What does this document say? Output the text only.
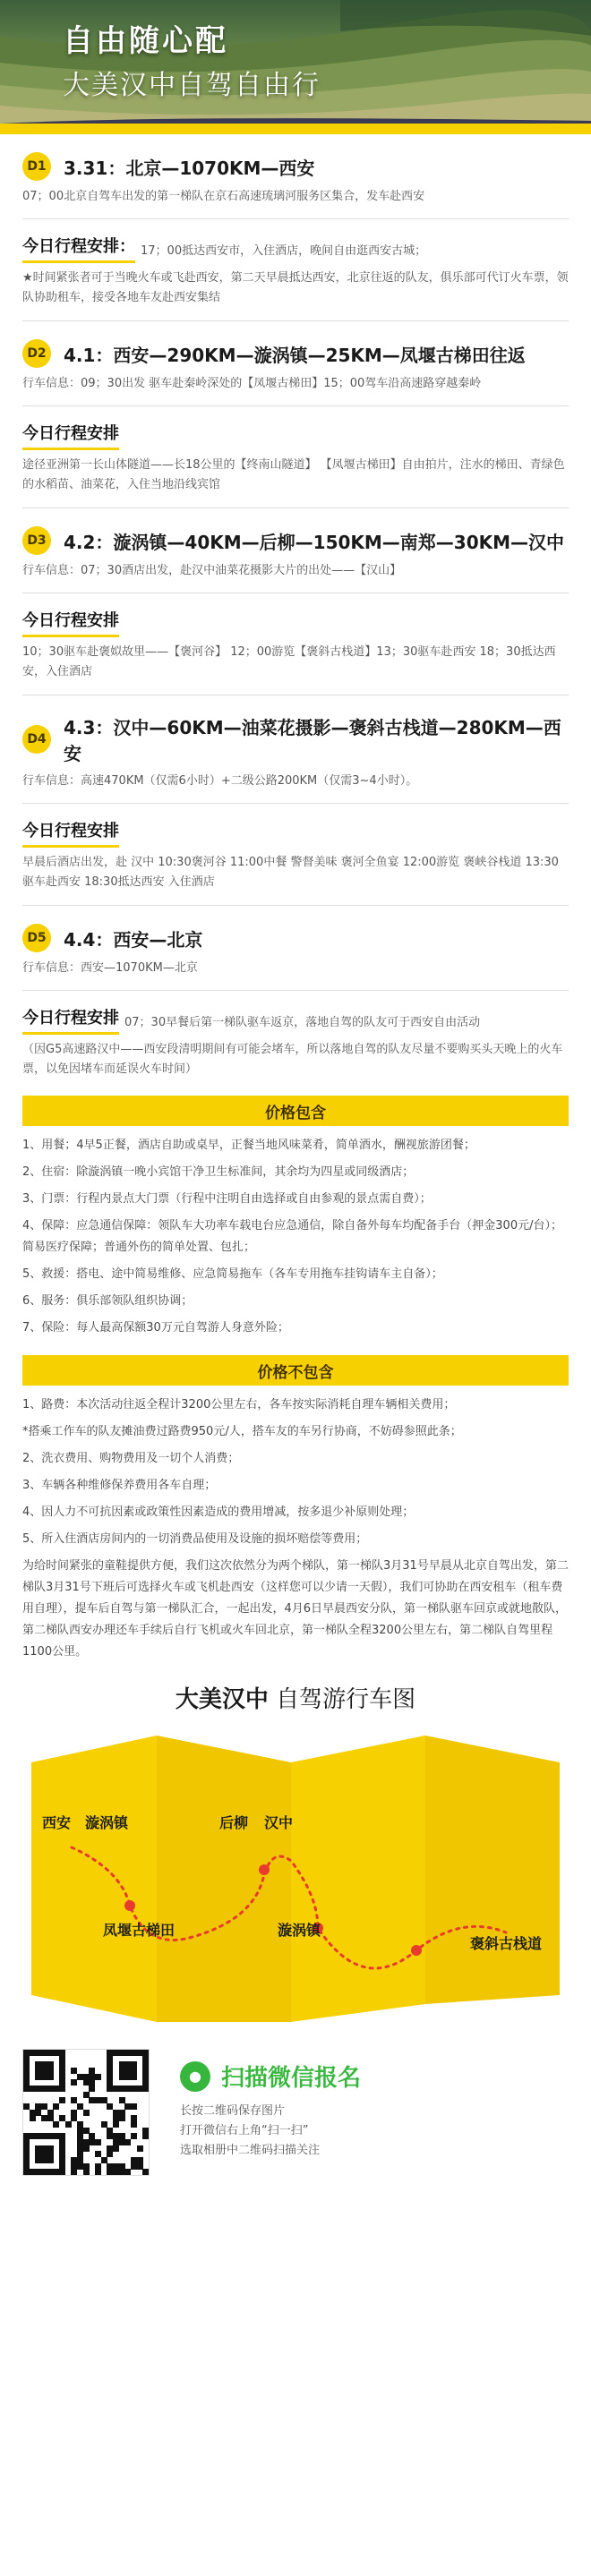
自由随心配
大美汉中自驾自由行
D1 3.31：北京—1070KM—西安
07；00北京自驾车出发的第一梯队在京石高速琉璃河服务区集合，发车赴西安
今日行程安排： 17；00抵达西安市，入住酒店，晚间自由逛西安古城；
★时间紧张者可于当晚火车或飞赴西安，第二天早晨抵达西安，北京往返的队友，俱乐部可代订火车票，领队协助租车，接受各地车友赴西安集结
D2 4.1：西安—290KM—漩涡镇—25KM—凤堰古梯田往返
行车信息：09；30出发 驱车赴秦岭深处的【凤堰古梯田】15；00驾车沿高速路穿越秦岭
今日行程安排
途径亚洲第一长山体隧道——长18公里的【终南山隧道】 【凤堰古梯田】自由拍片，注水的梯田、青绿色的水稻苗、油菜花，入住当地沿线宾馆
D3 4.2：漩涡镇—40KM—后柳—150KM—南郑—30KM—汉中
行车信息：07；30酒店出发，赴汉中油菜花摄影大片的出处——【汉山】
今日行程安排
10；30驱车赴褒姒故里——【褒河谷】 12；00游览【褒斜古栈道】13；30驱车赴西安 18；30抵达西安，入住酒店
D4
4.3：汉中—60KM—油菜花摄影—褒斜古栈道—280KM—西安
行车信息：高速470KM（仅需6小时）+二级公路200KM（仅需3~4小时）。
今日行程安排
早晨后酒店出发，赴 汉中 10:30褒河谷 11:00中餐 警督美味 褒河全鱼宴 12:00游览 褒峡谷栈道 13:30 驱车赴西安 18:30抵达西安 入住酒店
D5 4.4：西安—北京
行车信息：西安—1070KM—北京
今日行程安排 07；30早餐后第一梯队驱车返京，落地自驾的队友可于西安自由活动
（因G5高速路汉中——西安段清明期间有可能会堵车，所以落地自驾的队友尽量不要购买头天晚上的火车票，以免因堵车而延误火车时间）
价格包含

1、用餐；4早5正餐，酒店自助或桌早，正餐当地风味菜肴，简单酒水，酬视旅游团餐；

2、住宿：除漩涡镇一晚小宾馆干净卫生标准间，其余均为四星或同级酒店；

3、门票：行程内景点大门票（行程中注明自由选择或自由参观的景点需自费）；

4、保障：应急通信保障：领队车大功率车载电台应急通信，除自备外每车均配备手台（押金300元/台）；简易医疗保障；普通外伤的简单处置、包扎；

5、救援：搭电、途中简易维修、应急简易拖车（各车专用拖车挂钩请车主自备）；

6、服务：俱乐部领队组织协调；

7、保险：每人最高保额30万元自驾游人身意外险；

价格不包含

1、路费：本次活动往返全程计3200公里左右，各车按实际消耗自理车辆相关费用；

*搭乘工作车的队友摊油费过路费950元/人，搭车友的车另行协商，不妨碍参照此条；

2、洗衣费用、购物费用及一切个人消费；

3、车辆各种维修保养费用各车自理；

4、因人力不可抗因素或政策性因素造成的费用增减，按多退少补原则处理；

5、所入住酒店房间内的一切消费品使用及设施的损坏赔偿等费用；

为给时间紧张的童鞋提供方便，我们这次依然分为两个梯队，第一梯队3月31号早晨从北京自驾出发，第二梯队3月31号下班后可选择火车或飞机赴西安（这样您可以少请一天假），我们可协助在西安租车（租车费用自理），提车后自驾与第一梯队汇合，一起出发，4月6日早晨西安分队，第一梯队驱车回京或就地散队，第二梯队西安办理还车手续后自行飞机或火车回北京，第一梯队全程3200公里左右，第二梯队自驾里程1100公里。

大美汉中 自驾游行车图
西安 漩涡镇	后柳 汉中
凤堰古梯田	漩涡镇
褒斜古栈道
● 扫描微信报名
长按二维码保存图片
打开微信右上角“扫一扫”
选取相册中二维码扫描关注
